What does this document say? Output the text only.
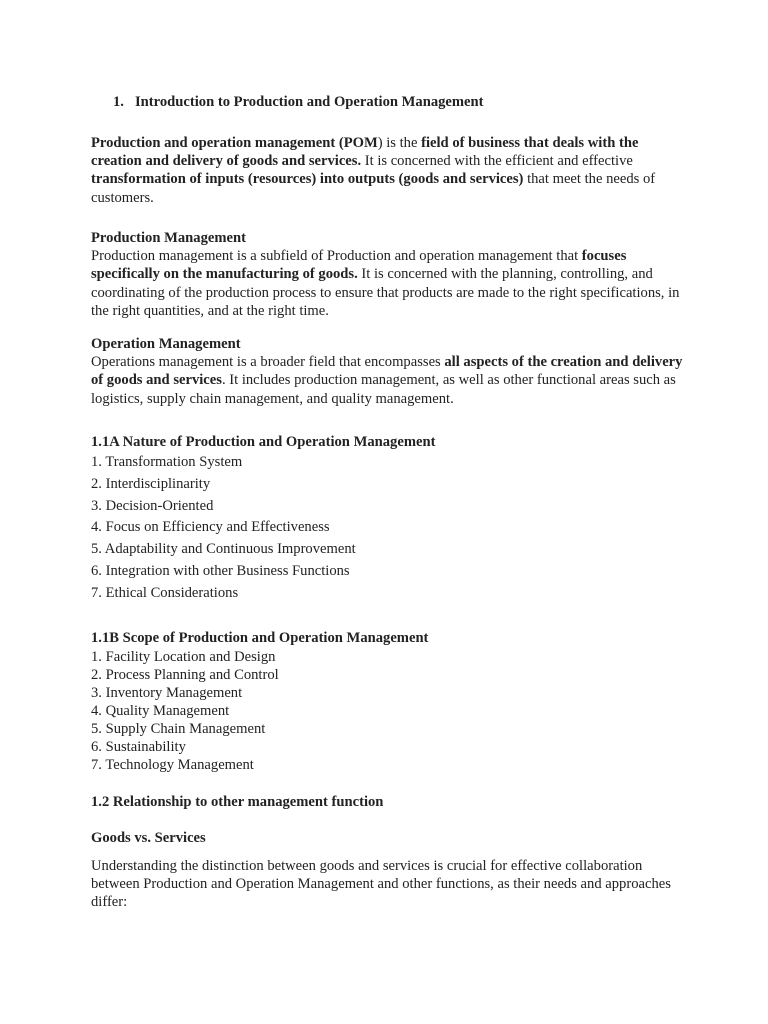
1. Introduction to Production and Operation Management
Production and operation management (POM) is the field of business that deals with the creation and delivery of goods and services. It is concerned with the efficient and effective transformation of inputs (resources) into outputs (goods and services) that meet the needs of customers.
Production Management
Production management is a subfield of Production and operation management that focuses specifically on the manufacturing of goods. It is concerned with the planning, controlling, and coordinating of the production process to ensure that products are made to the right specifications, in the right quantities, and at the right time.
Operation Management
Operations management is a broader field that encompasses all aspects of the creation and delivery of goods and services. It includes production management, as well as other functional areas such as logistics, supply chain management, and quality management.
1.1A Nature of Production and Operation Management
1. Transformation System
2. Interdisciplinarity
3. Decision-Oriented
4. Focus on Efficiency and Effectiveness
5. Adaptability and Continuous Improvement
6. Integration with other Business Functions
7. Ethical Considerations
1.1B Scope of Production and Operation Management
1. Facility Location and Design
2. Process Planning and Control
3. Inventory Management
4. Quality Management
5. Supply Chain Management
6. Sustainability
7. Technology Management
1.2 Relationship to other management function
Goods vs. Services
Understanding the distinction between goods and services is crucial for effective collaboration between Production and Operation Management and other functions, as their needs and approaches differ:
